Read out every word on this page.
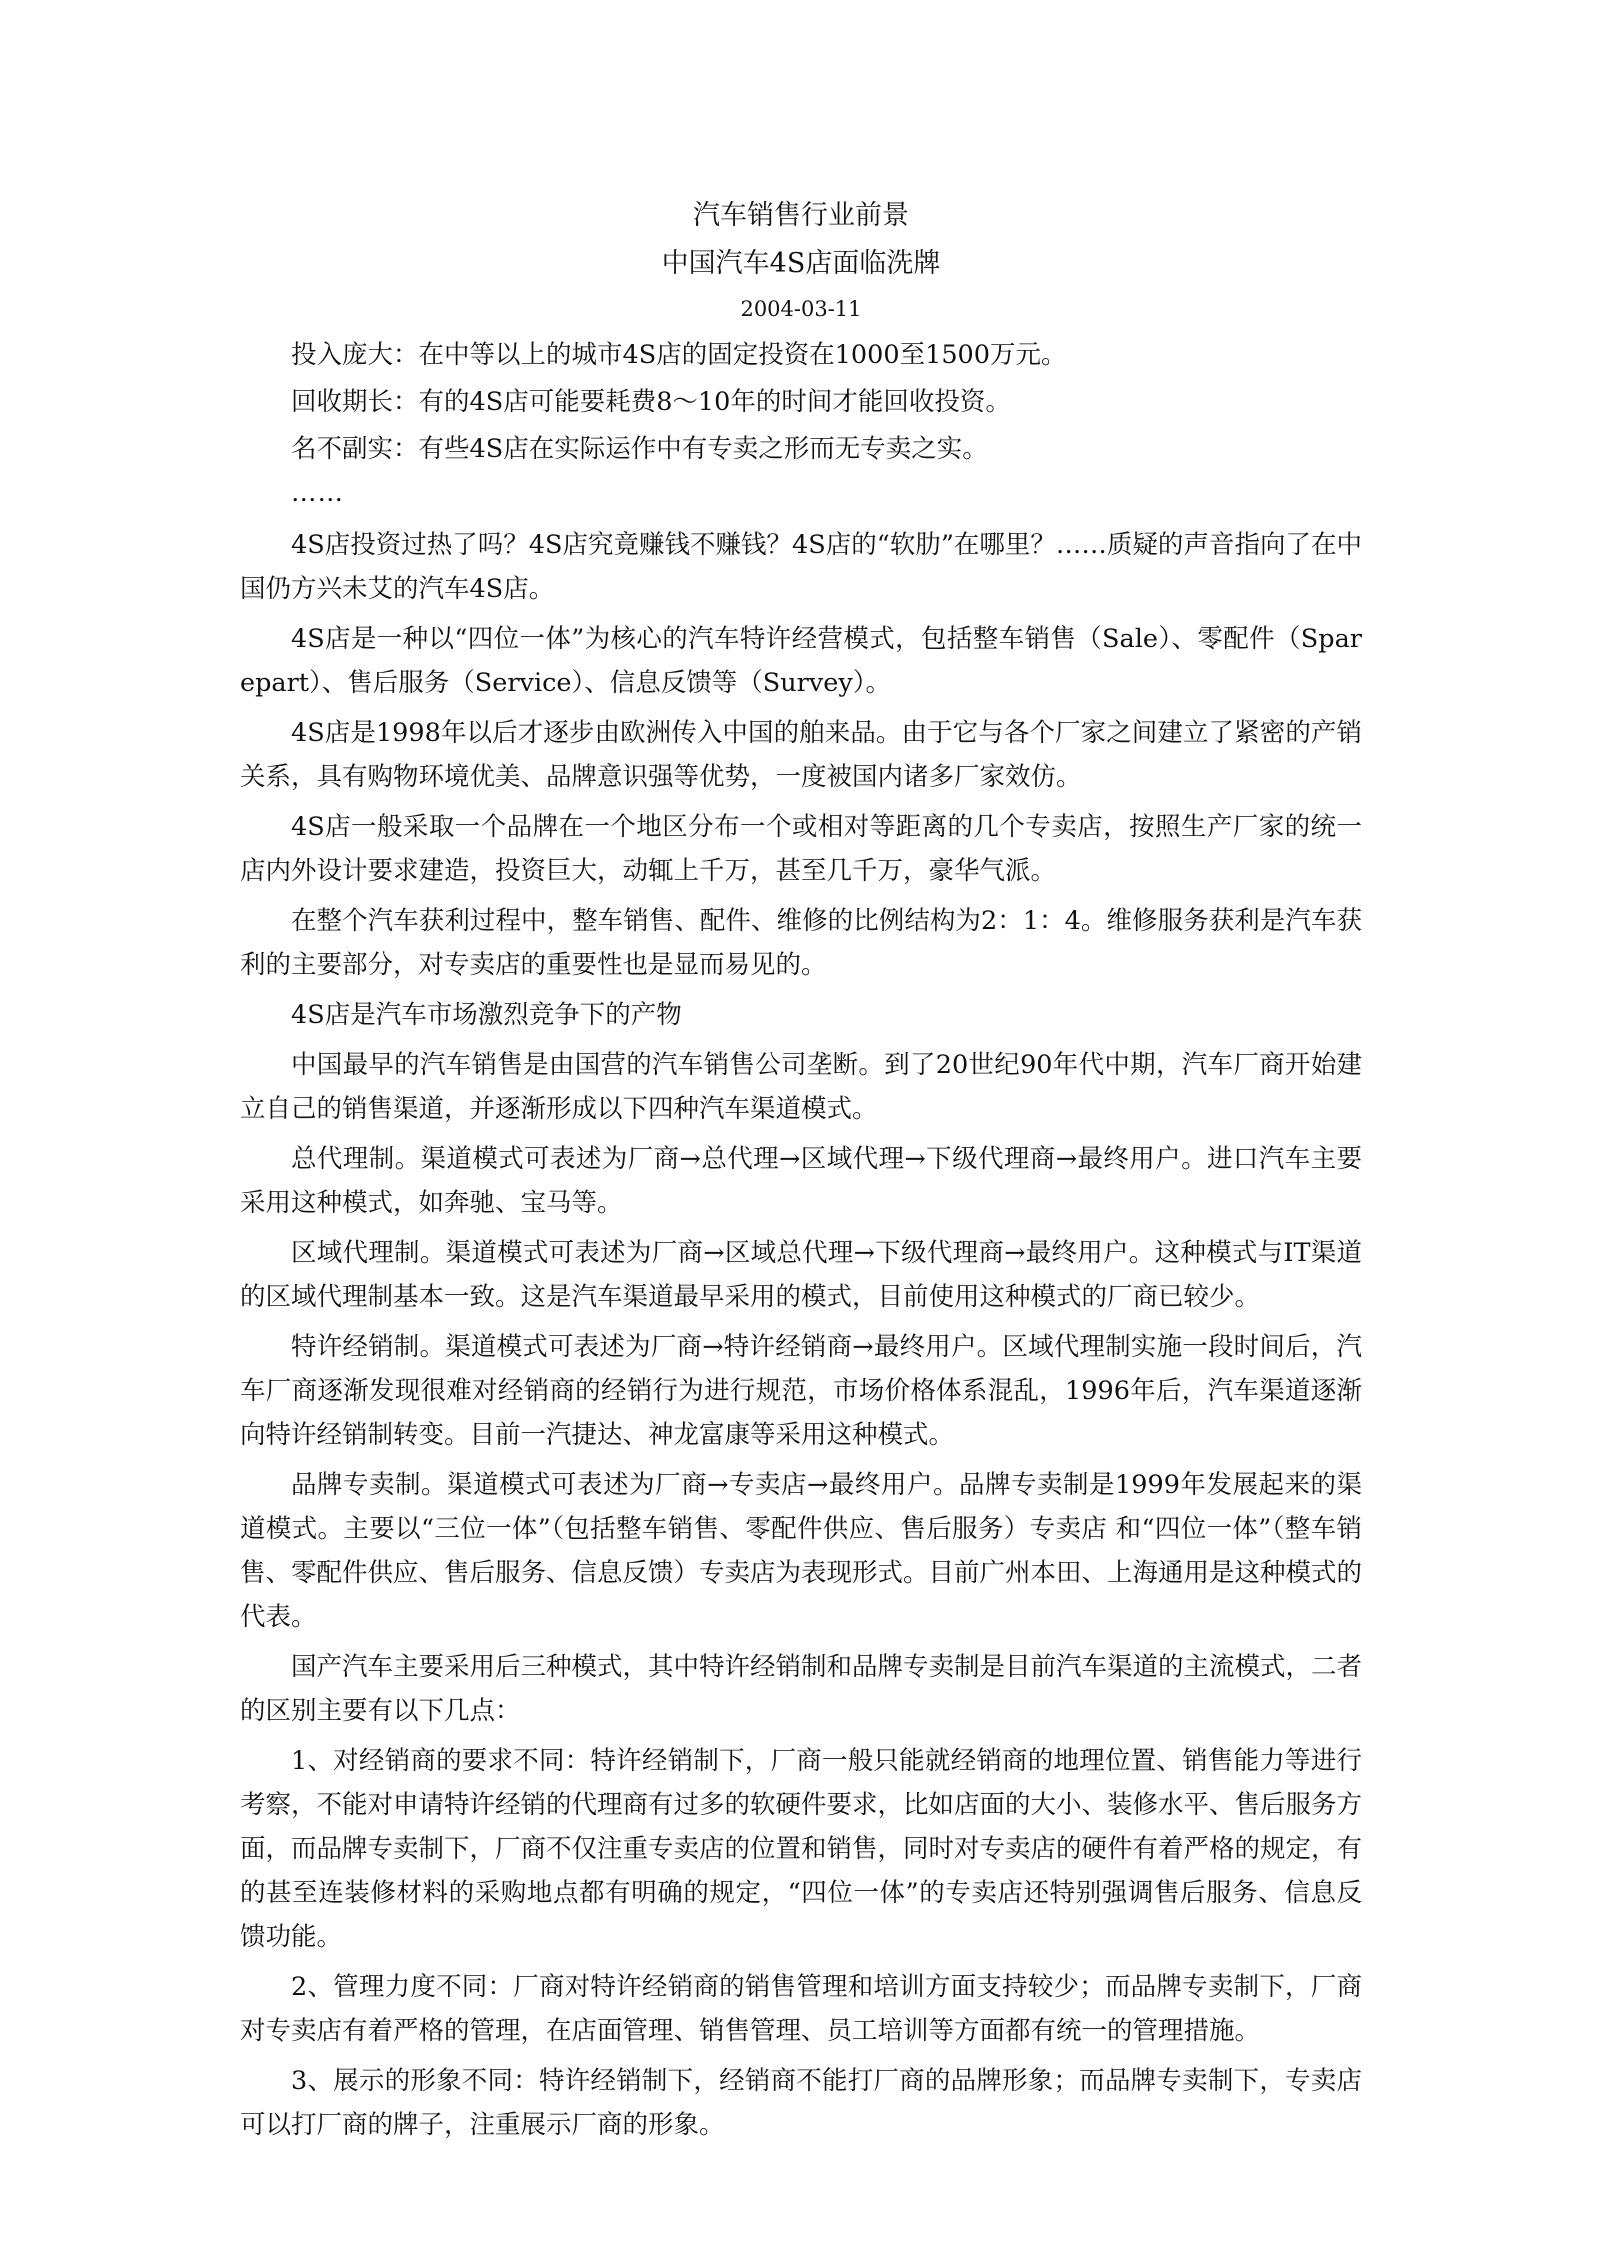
汽车销售行业前景

中国汽车4S店面临洗牌

2004-03-11

投入庞大：在中等以上的城市4S店的固定投资在1000至1500万元。

回收期长：有的4S店可能要耗费8～10年的时间才能回收投资。

名不副实：有些4S店在实际运作中有专卖之形而无专卖之实。

……

4S店投资过热了吗？4S店究竟赚钱不赚钱？4S店的“软肋”在哪里？……质疑的声音指向了在中国仍方兴未艾的汽车4S店。

4S店是一种以“四位一体”为核心的汽车特许经营模式，包括整车销售（Sale）、零配件（Sparepart）、售后服务（Service）、信息反馈等（Survey）。

4S店是1998年以后才逐步由欧洲传入中国的舶来品。由于它与各个厂家之间建立了紧密的产销关系，具有购物环境优美、品牌意识强等优势，一度被国内诸多厂家效仿。

4S店一般采取一个品牌在一个地区分布一个或相对等距离的几个专卖店，按照生产厂家的统一店内外设计要求建造，投资巨大，动辄上千万，甚至几千万，豪华气派。

在整个汽车获利过程中，整车销售、配件、维修的比例结构为2：1：4。维修服务获利是汽车获利的主要部分，对专卖店的重要性也是显而易见的。

4S店是汽车市场激烈竞争下的产物

中国最早的汽车销售是由国营的汽车销售公司垄断。到了20世纪90年代中期，汽车厂商开始建立自己的销售渠道，并逐渐形成以下四种汽车渠道模式。

总代理制。渠道模式可表述为厂商→总代理→区域代理→下级代理商→最终用户。进口汽车主要采用这种模式，如奔驰、宝马等。

区域代理制。渠道模式可表述为厂商→区域总代理→下级代理商→最终用户。这种模式与IT渠道的区域代理制基本一致。这是汽车渠道最早采用的模式，目前使用这种模式的厂商已较少。

特许经销制。渠道模式可表述为厂商→特许经销商→最终用户。区域代理制实施一段时间后，汽车厂商逐渐发现很难对经销商的经销行为进行规范，市场价格体系混乱，1996年后，汽车渠道逐渐向特许经销制转变。目前一汽捷达、神龙富康等采用这种模式。

品牌专卖制。渠道模式可表述为厂商→专卖店→最终用户。品牌专卖制是1999年发展起来的渠道模式。主要以“三位一体”（包括整车销售、零配件供应、售后服务）专卖店 和“四位一体”（整车销售、零配件供应、售后服务、信息反馈）专卖店为表现形式。目前广州本田、上海通用是这种模式的代表。

国产汽车主要采用后三种模式，其中特许经销制和品牌专卖制是目前汽车渠道的主流模式，二者的区别主要有以下几点：

1、对经销商的要求不同：特许经销制下，厂商一般只能就经销商的地理位置、销售能力等进行考察，不能对申请特许经销的代理商有过多的软硬件要求，比如店面的大小、装修水平、售后服务方面，而品牌专卖制下，厂商不仅注重专卖店的位置和销售，同时对专卖店的硬件有着严格的规定，有的甚至连装修材料的采购地点都有明确的规定，“四位一体”的专卖店还特别强调售后服务、信息反馈功能。

2、管理力度不同：厂商对特许经销商的销售管理和培训方面支持较少；而品牌专卖制下，厂商对专卖店有着严格的管理，在店面管理、销售管理、员工培训等方面都有统一的管理措施。

3、展示的形象不同：特许经销制下，经销商不能打厂商的品牌形象；而品牌专卖制下，专卖店可以打厂商的牌子，注重展示厂商的形象。
